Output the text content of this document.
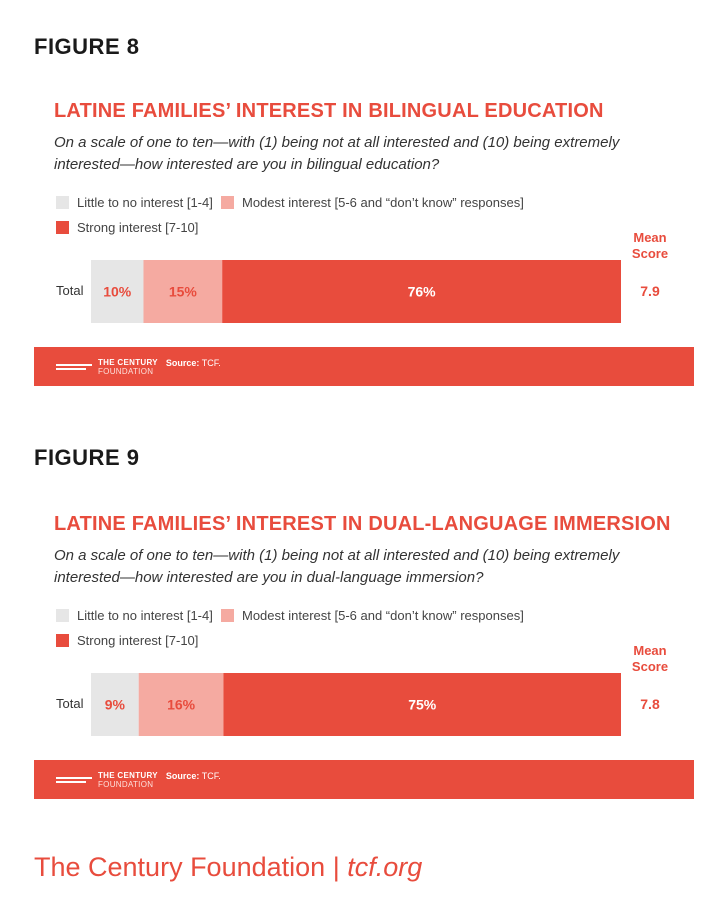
FIGURE 8
LATINE FAMILIES’ INTEREST IN BILINGUAL EDUCATION
On a scale of one to ten—with (1) being not at all interested and (10) being extremely interested—how interested are you in bilingual education?
Little to no interest [1-4] Modest interest [5-6 and “don’t know” responses]
Strong interest [7-10]
Mean
Score
Total 10%	15%	76%	7.9
THE CENTURY
FOUNDATION
Source: TCF.
FIGURE 9
LATINE FAMILIES’ INTEREST IN DUAL-LANGUAGE IMMERSION
On a scale of one to ten—with (1) being not at all interested and (10) being extremely interested—how interested are you in dual-language immersion?
Little to no interest [1-4] Modest interest [5-6 and “don’t know” responses]
Strong interest [7-10]
Mean
Score
Total 9%	16%	75%	7.8
THE CENTURY
FOUNDATION
Source: TCF.
The Century Foundation | tcf.org
